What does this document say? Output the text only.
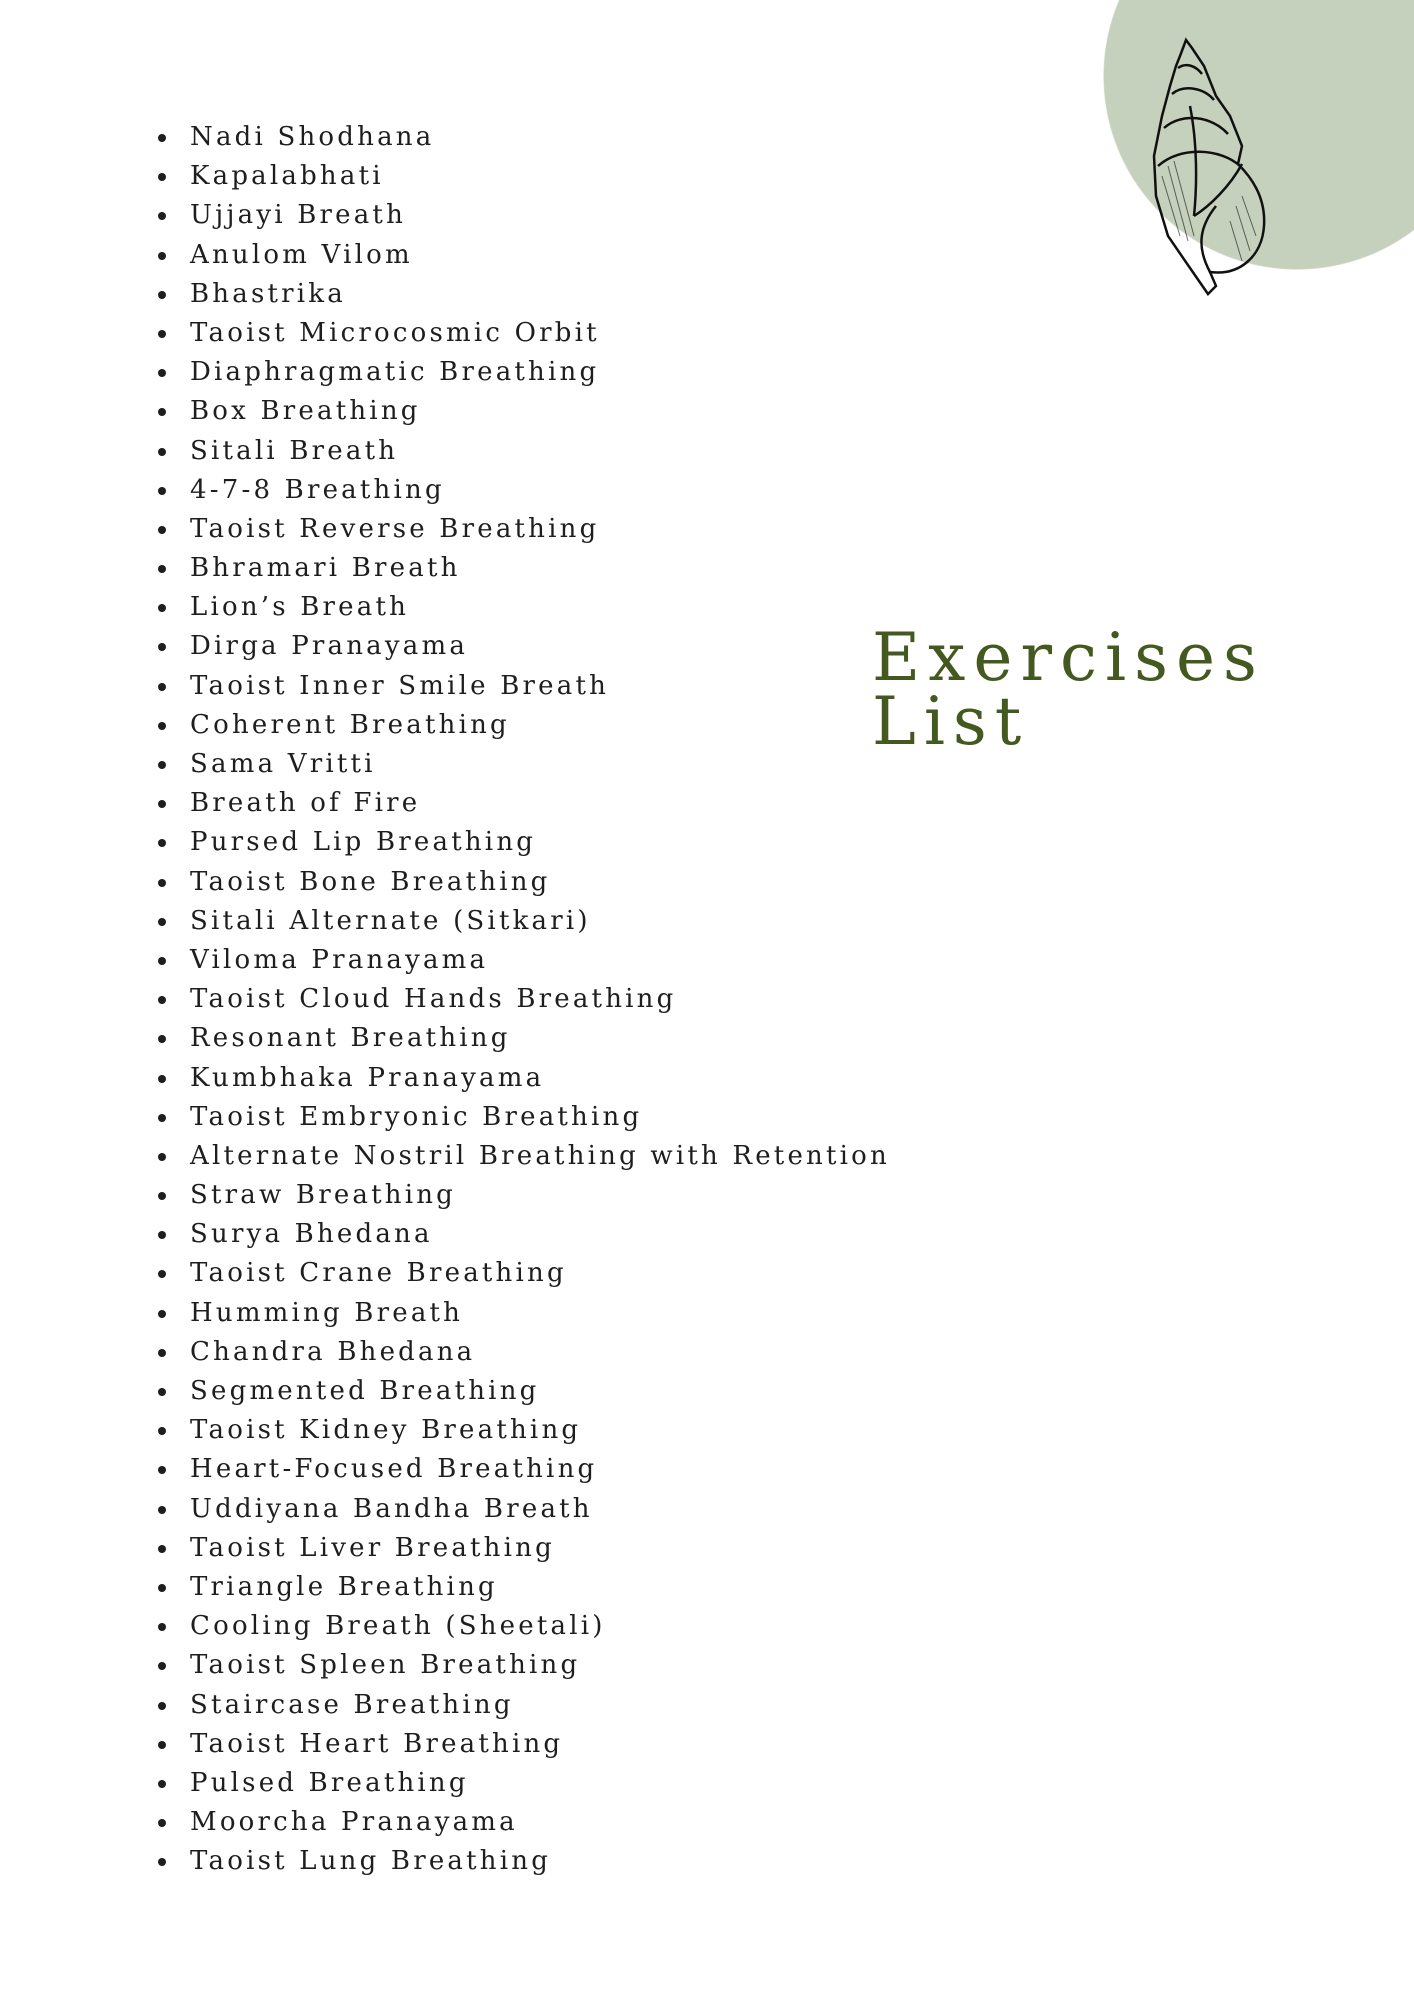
Nadi Shodhana
Kapalabhati
Ujjayi Breath
Anulom Vilom
Bhastrika
Taoist Microcosmic Orbit
Diaphragmatic Breathing
Box Breathing
Sitali Breath
4-7-8 Breathing
Taoist Reverse Breathing
Bhramari Breath
Lion’s Breath
Dirga Pranayama
Taoist Inner Smile Breath
Coherent Breathing
Sama Vritti
Breath of Fire
Pursed Lip Breathing
Taoist Bone Breathing
Sitali Alternate (Sitkari)
Viloma Pranayama
Taoist Cloud Hands Breathing
Resonant Breathing
Kumbhaka Pranayama
Taoist Embryonic Breathing
Alternate Nostril Breathing with Retention
Straw Breathing
Surya Bhedana
Taoist Crane Breathing
Humming Breath
Chandra Bhedana
Segmented Breathing
Taoist Kidney Breathing
Heart-Focused Breathing
Uddiyana Bandha Breath
Taoist Liver Breathing
Triangle Breathing
Cooling Breath (Sheetali)
Taoist Spleen Breathing
Staircase Breathing
Taoist Heart Breathing
Pulsed Breathing
Moorcha Pranayama
Taoist Lung Breathing
Exercises
List
